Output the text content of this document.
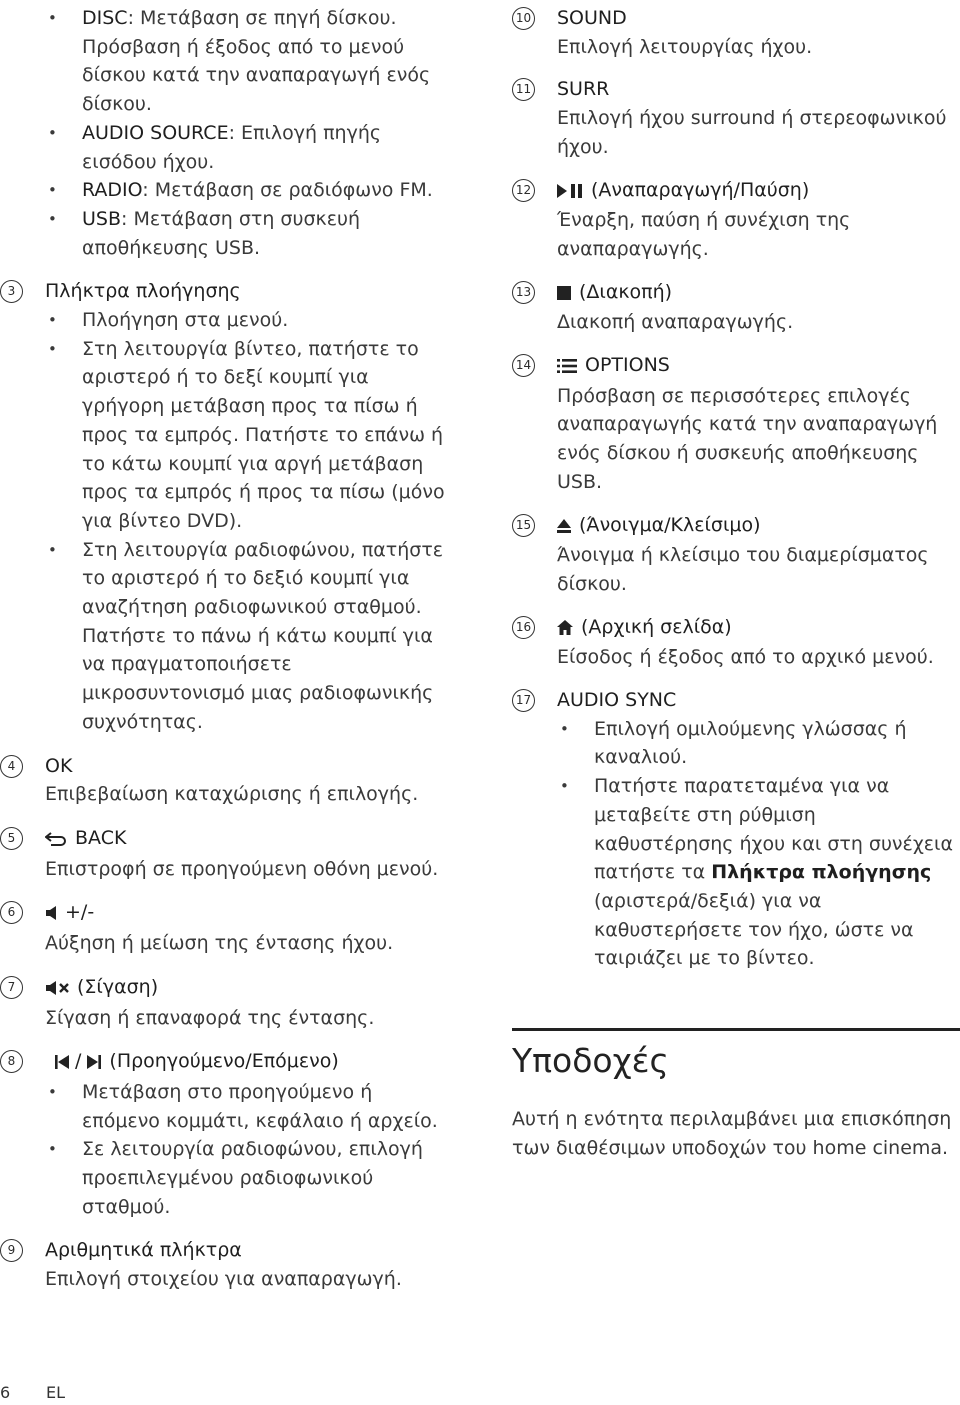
• DISC: Μετάβαση σε πηγή δίσκου. Πρόσβαση ή έξοδος από το μενού δίσκου κατά την αναπαραγωγή ενός δίσκου.
• AUDIO SOURCE: Επιλογή πηγής εισόδου ήχου.
• RADIO: Μετάβαση σε ραδιόφωνο FM.
• USB: Μετάβαση στη συσκευή αποθήκευσης USB.
3	Πλήκτρα πλοήγησης
• Πλοήγηση στα μενού.
• Στη λειτουργία βίντεο, πατήστε το αριστερό ή το δεξί κουμπί για γρήγορη μετάβαση προς τα πίσω ή προς τα εμπρός. Πατήστε το επάνω ή το κάτω κουμπί για αργή μετάβαση προς τα εμπρός ή προς τα πίσω (μόνο για βίντεο DVD).
• Στη λειτουργία ραδιοφώνου, πατήστε το αριστερό ή το δεξιό κουμπί για αναζήτηση ραδιοφωνικού σταθμού. Πατήστε το πάνω ή κάτω κουμπί για να πραγματοποιήσετε μικροσυντονισμό μιας ραδιοφωνικής συχνότητας.
4	OK
Επιβεβαίωση καταχώρισης ή επιλογής.
5	BACK
Επιστροφή σε προηγούμενη οθόνη μενού.
6	+/-
Αύξηση ή μείωση της έντασης ήχου.
7	(Σίγαση)
Σίγαση ή επαναφορά της έντασης.
8	/ (Προηγούμενο/Επόμενο)
• Μετάβαση στο προηγούμενο ή επόμενο κομμάτι, κεφάλαιο ή αρχείο.
• Σε λειτουργία ραδιοφώνου, επιλογή προεπιλεγμένου ραδιοφωνικού σταθμού.
9	Αριθμητικά πλήκτρα
Επιλογή στοιχείου για αναπαραγωγή.
10 SOUND
Επιλογή λειτουργίας ήχου.
11 SURR
Επιλογή ήχου surround ή στερεοφωνικού ήχου.
12	(Αναπαραγωγή/Παύση)
Έναρξη, παύση ή συνέχιση της αναπαραγωγής.
13	(Διακοπή)
Διακοπή αναπαραγωγής.
14	OPTIONS
Πρόσβαση σε περισσότερες επιλογές αναπαραγωγής κατά την αναπαραγωγή ενός δίσκου ή συσκευής αποθήκευσης USB.
15	(Άνοιγμα/Κλείσιμο)
Άνοιγμα ή κλείσιμο του διαμερίσματος δίσκου.
16	(Αρχική σελίδα)
Είσοδος ή έξοδος από το αρχικό μενού.
17 AUDIO SYNC
• Επιλογή ομιλούμενης γλώσσας ή καναλιού.
• Πατήστε παρατεταμένα για να μεταβείτε στη ρύθμιση καθυστέρησης ήχου και στη συνέχεια πατήστε τα Πλήκτρα πλοήγησης (αριστερά/δεξιά) για να καθυστερήσετε τον ήχο, ώστε να ταιριάζει με το βίντεο.
Υποδοχές
Αυτή η ενότητα περιλαμβάνει μια επισκόπηση των διαθέσιμων υποδοχών του home cinema.
6 EL
